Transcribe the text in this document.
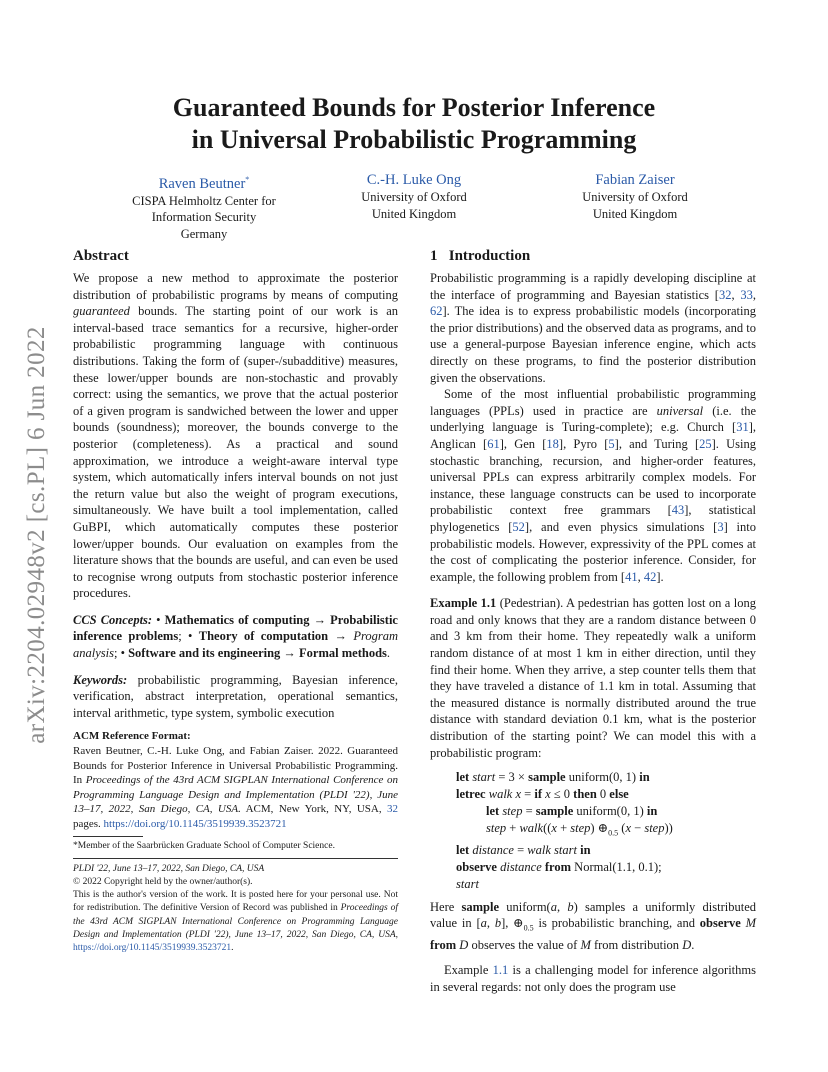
arXiv:2204.02948v2 [cs.PL] 6 Jun 2022
Guaranteed Bounds for Posterior Inference
in Universal Probabilistic Programming
Raven Beutner*
CISPA Helmholtz Center for
Information Security
Germany
C.-H. Luke Ong
University of Oxford
United Kingdom
Fabian Zaiser
University of Oxford
United Kingdom
Abstract

We propose a new method to approximate the posterior distribution of probabilistic programs by means of computing guaranteed bounds. The starting point of our work is an interval-based trace semantics for a recursive, higher-order probabilistic programming language with continuous distributions. Taking the form of (super-/subadditive) measures, these lower/upper bounds are non-stochastic and provably correct: using the semantics, we prove that the actual posterior of a given program is sandwiched between the lower and upper bounds (soundness); moreover, the bounds converge to the posterior (completeness). As a practical and sound approximation, we introduce a weight-aware interval type system, which automatically infers interval bounds on not just the return value but also the weight of program executions, simultaneously. We have built a tool implementation, called GuBPI, which automatically computes these posterior lower/upper bounds. Our evaluation on examples from the literature shows that the bounds are useful, and can even be used to recognise wrong outputs from stochastic posterior inference procedures.

CCS Concepts: • Mathematics of computing → Probabilistic inference problems; • Theory of computation → Program analysis; • Software and its engineering → Formal methods.

Keywords: probabilistic programming, Bayesian inference, verification, abstract interpretation, operational semantics, interval arithmetic, type system, symbolic execution

ACM Reference Format:

Raven Beutner, C.-H. Luke Ong, and Fabian Zaiser. 2022. Guaranteed Bounds for Posterior Inference in Universal Probabilistic Programming. In Proceedings of the 43rd ACM SIGPLAN International Conference on Programming Language Design and Implementation (PLDI '22), June 13–17, 2022, San Diego, CA, USA. ACM, New York, NY, USA, 32 pages. https://doi.org/10.1145/3519939.3523721

*Member of the Saarbrücken Graduate School of Computer Science.

PLDI '22, June 13–17, 2022, San Diego, CA, USA

© 2022 Copyright held by the owner/author(s).

This is the author's version of the work. It is posted here for your personal use. Not for redistribution. The definitive Version of Record was published in Proceedings of the 43rd ACM SIGPLAN International Conference on Programming Language Design and Implementation (PLDI '22), June 13–17, 2022, San Diego, CA, USA, https://doi.org/10.1145/3519939.3523721.

1 Introduction

Probabilistic programming is a rapidly developing discipline at the interface of programming and Bayesian statistics [32, 33, 62]. The idea is to express probabilistic models (incorporating the prior distributions) and the observed data as programs, and to use a general-purpose Bayesian inference engine, which acts directly on these programs, to find the posterior distribution given the observations.

Some of the most influential probabilistic programming languages (PPLs) used in practice are universal (i.e. the underlying language is Turing-complete); e.g. Church [31], Anglican [61], Gen [18], Pyro [5], and Turing [25]. Using stochastic branching, recursion, and higher-order features, universal PPLs can express arbitrarily complex models. For instance, these language constructs can be used to incorporate probabilistic context free grammars [43], statistical phylogenetics [52], and even physics simulations [3] into probabilistic models. However, expressivity of the PPL comes at the cost of complicating the posterior inference. Consider, for example, the following problem from [41, 42].

Example 1.1 (Pedestrian). A pedestrian has gotten lost on a long road and only knows that they are a random distance between 0 and 3 km from their home. They repeatedly walk a uniform random distance of at most 1 km in either direction, until they find their home. When they arrive, a step counter tells them that they have traveled a distance of 1.1 km in total. Assuming that the measured distance is normally distributed around the true distance with standard deviation 0.1 km, what is the posterior distribution of the starting point? We can model this with a probabilistic program:

let start = 3 × sample uniform(0, 1) in
letrec walk x = if x ≤ 0 then 0 else
let step = sample uniform(0, 1) in
step + walk((x + step) $\oplus_{0.5}$ (x − step))
let distance = walk start in
observe distance from Normal(1.1, 0.1);
start

Here sample uniform(a, b) samples a uniformly distributed value in [a, b], $\oplus_{0.5}$ is probabilistic branching, and observe M from D observes the value of M from distribution D.

Example 1.1 is a challenging model for inference algorithms in several regards: not only does the program use
